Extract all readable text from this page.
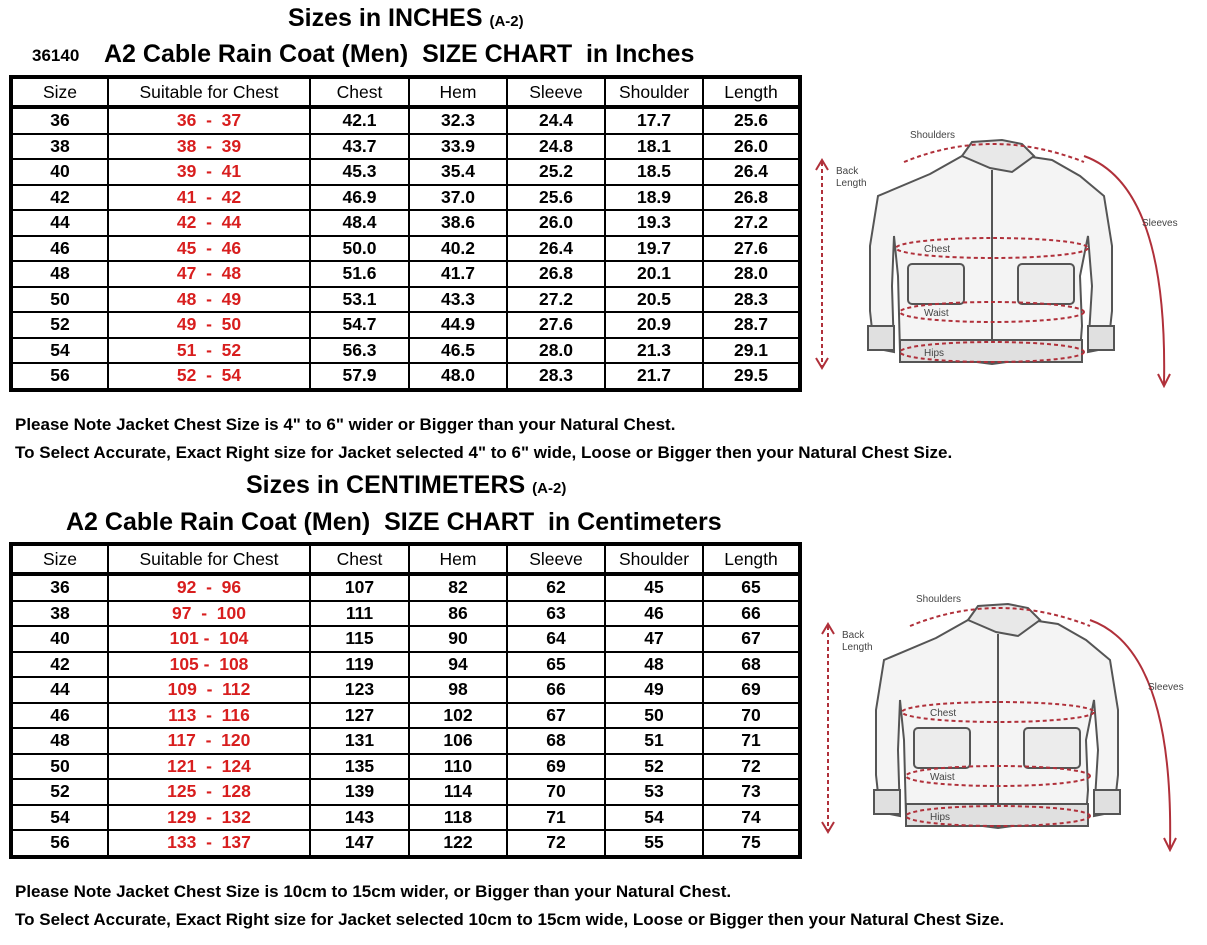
Sizes in INCHES (A-2)
36140 A2 Cable Rain Coat (Men)  SIZE CHART  in Inches
Size	Suitable for Chest	Chest	Hem	Sleeve	Shoulder	Length
36	36  -  37	42.1	32.3	24.4	17.7	25.6
38	38  -  39	43.7	33.9	24.8	18.1	26.0
40	39  -  41	45.3	35.4	25.2	18.5	26.4
42	41  -  42	46.9	37.0	25.6	18.9	26.8
44	42  -  44	48.4	38.6	26.0	19.3	27.2
46	45  -  46	50.0	40.2	26.4	19.7	27.6
48	47  -  48	51.6	41.7	26.8	20.1	28.0
50	48  -  49	53.1	43.3	27.2	20.5	28.3
52	49  -  50	54.7	44.9	27.6	20.9	28.7
54	51  -  52	56.3	46.5	28.0	21.3	29.1
56	52  -  54	57.9	48.0	28.3	21.7	29.5
Please Note Jacket Chest Size is 4" to 6" wider or Bigger than your Natural Chest.
To Select Accurate, Exact Right size for Jacket selected 4" to 6" wide, Loose or Bigger then your Natural Chest Size.
Sizes in CENTIMETERS (A-2)
A2 Cable Rain Coat (Men)  SIZE CHART  in Centimeters
Size	Suitable for Chest	Chest	Hem	Sleeve	Shoulder	Length
36	92  -  96	107	82	62	45	65
38	97  -  100	111	86	63	46	66
40	101 -  104	115	90	64	47	67
42	105 -  108	119	94	65	48	68
44	109  -  112	123	98	66	49	69
46	113  -  116	127	102	67	50	70
48	117  -  120	131	106	68	51	71
50	121  -  124	135	110	69	52	72
52	125  -  128	139	114	70	53	73
54	129  -  132	143	118	71	54	74
56	133  -  137	147	122	72	55	75
Please Note Jacket Chest Size is 10cm to 15cm wider, or Bigger than your Natural Chest.
To Select Accurate, Exact Right size for Jacket selected 10cm to 15cm wide, Loose or Bigger then your Natural Chest Size.
Shoulders
Back
Length
Sleeves
Chest
Waist
Hips
Shoulders
Back
Length
Sleeves
Chest
Waist
Hips
